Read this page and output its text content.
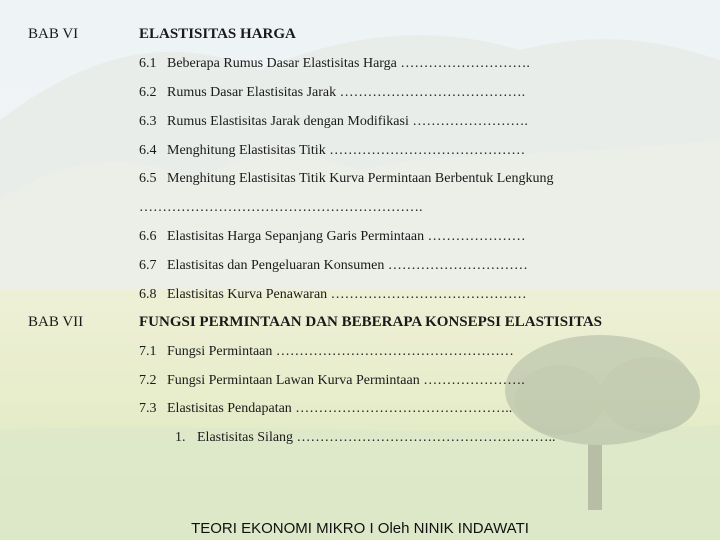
BAB VI	ELASTISITAS HARGA
6.1 Beberapa Rumus Dasar Elastisitas Harga ……………………….
6.2 Rumus Dasar Elastisitas Jarak ………………………………….
6.3 Rumus Elastisitas Jarak dengan Modifikasi …………………….
6.4 Menghitung Elastisitas Titik ……………………………………
6.5 Menghitung Elastisitas Titik Kurva Permintaan Berbentuk Lengkung
…………………………………………………….
6.6 Elastisitas Harga Sepanjang Garis Permintaan …………………
6.7 Elastisitas dan Pengeluaran Konsumen …………………………
6.8 Elastisitas Kurva Penawaran ……………………………………
BAB VII	FUNGSI PERMINTAAN DAN BEBERAPA KONSEPSI ELASTISITAS
7.1 Fungsi Permintaan ……………………………………………
7.2 Fungsi Permintaan Lawan Kurva Permintaan ………………….
7.3 Elastisitas Pendapatan ………………………………………..
1. Elastisitas Silang ………………………………………………..
TEORI EKONOMI MIKRO I Oleh NINIK INDAWATI
